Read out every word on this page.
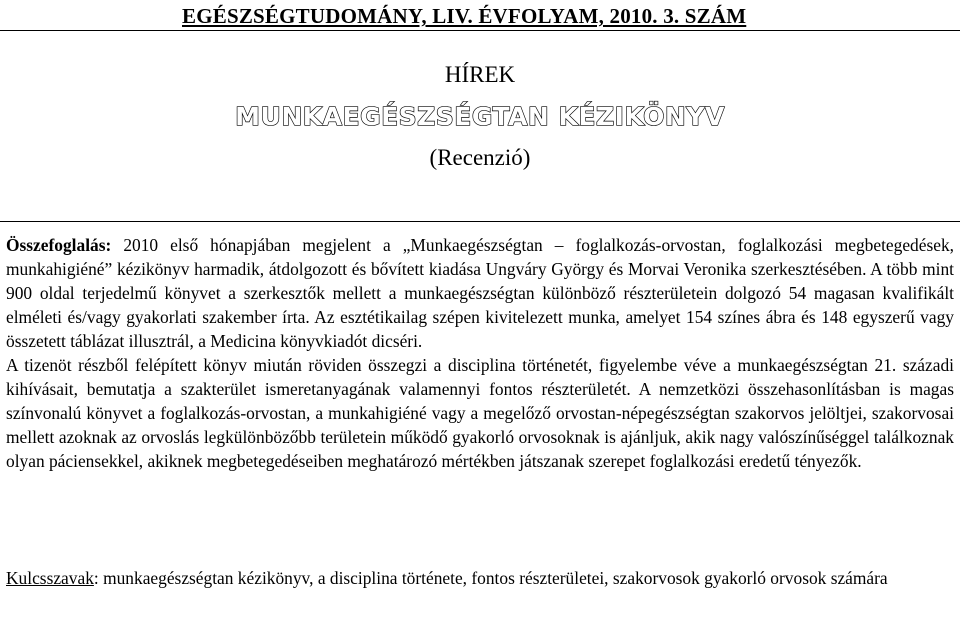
EGÉSZSÉGTUDOMÁNY, LIV. ÉVFOLYAM, 2010. 3. SZÁM
HÍREK
MUNKAEGÉSZSÉGTAN KÉZIKÖNYV
(Recenzió)

Összefoglalás: 2010 első hónapjában megjelent a „Munkaegészségtan – foglalkozás-orvostan, foglalkozási megbetegedések, munkahigiéné” kézikönyv harmadik, átdolgozott és bővített kiadása Ungváry György és Morvai Veronika szerkesztésében. A több mint 900 oldal terjedelmű könyvet a szerkesztők mellett a munkaegészségtan különböző részterületein dolgozó 54 magasan kvalifikált elméleti és/vagy gyakorlati szakember írta. Az esztétikailag szépen kivitelezett munka, amelyet 154 színes ábra és 148 egyszerű vagy összetett táblázat illusztrál, a Medicina könyvkiadót dicséri.

A tizenöt részből felépített könyv miután röviden összegzi a disciplina történetét, figyelembe véve a munkaegészségtan 21. századi kihívásait, bemutatja a szakterület ismeretanyagának valamennyi fontos részterületét. A nemzetközi összehasonlításban is magas színvonalú könyvet a foglalkozás-orvostan, a munkahigiéné vagy a megelőző orvostan-népegészségtan szakorvos jelöltjei, szakorvosai mellett azoknak az orvoslás legkülönbözőbb területein működő gyakorló orvosoknak is ajánljuk, akik nagy valószínűséggel találkoznak olyan páciensekkel, akiknek megbetegedéseiben meghatározó mértékben játszanak szerepet foglalkozási eredetű tényezők.

Kulcsszavak: munkaegészségtan kézikönyv, a disciplina története, fontos részterületei, szakorvosok gyakorló orvosok számára
